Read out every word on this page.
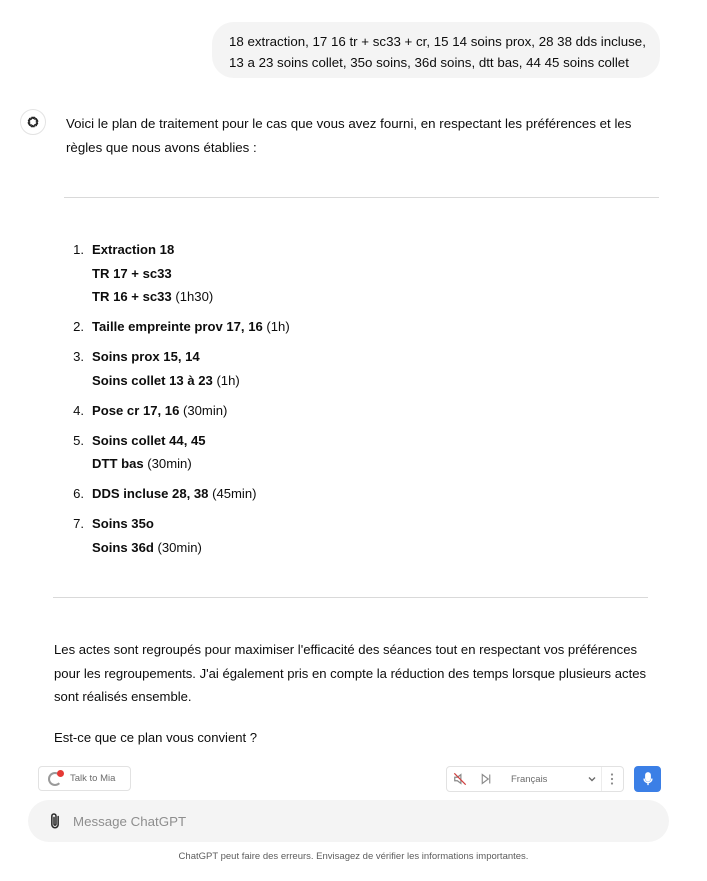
18 extraction, 17 16 tr + sc33 + cr, 15 14 soins prox, 28 38 dds incluse,
13 a 23 soins collet, 35o soins, 36d soins, dtt bas, 44 45 soins collet

Voici le plan de traitement pour le cas que vous avez fourni, en respectant les préférences et les règles que nous avons établies :

1. Extraction 18
TR 17 + sc33
TR 16 + sc33 (1h30)
2. Taille empreinte prov 17, 16 (1h)
3. Soins prox 15, 14
Soins collet 13 à 23 (1h)
4. Pose cr 17, 16 (30min)
5. Soins collet 44, 45
DTT bas (30min)
6. DDS incluse 28, 38 (45min)
7. Soins 35o
Soins 36d (30min)

Les actes sont regroupés pour maximiser l'efficacité des séances tout en respectant vos préférences pour les regroupements. J'ai également pris en compte la réduction des temps lorsque plusieurs actes sont réalisés ensemble.

Est-ce que ce plan vous convient ?

Talk to Mia	Français
Message ChatGPT

ChatGPT peut faire des erreurs. Envisagez de vérifier les informations importantes.
